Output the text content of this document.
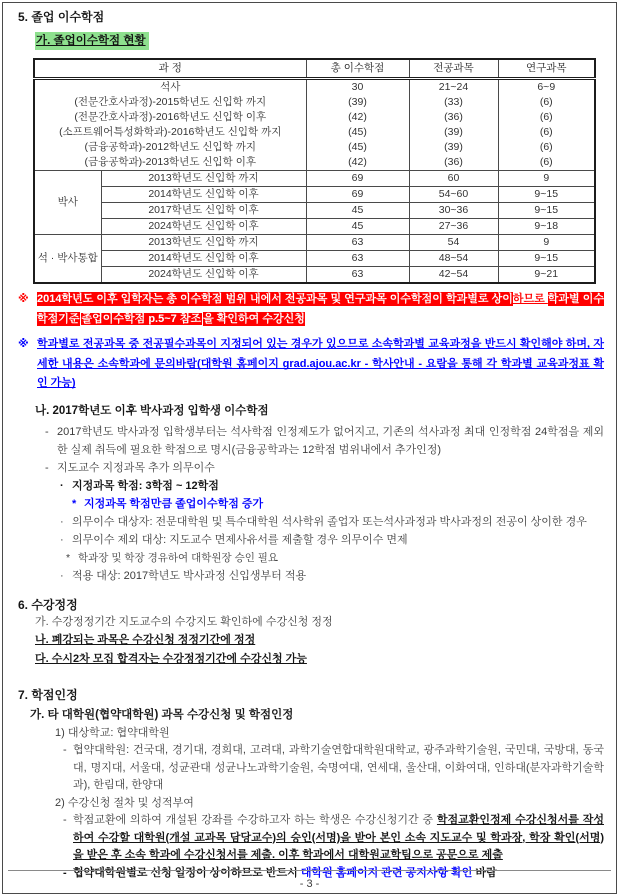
5. 졸업 이수학점
가. 졸업이수학점 현황
과 정		총 이수학점	전공과목	연구과목
석사		30	21~24	6~9
(전문간호사과정)-2015학년도 신입학 까지		(39)	(33)	(6)
(전문간호사과정)-2016학년도 신입학 이후		(42)	(36)	(6)
(소프트웨어특성화학과)-2016학년도 신입학 까지		(45)	(39)	(6)
(금융공학과)-2012학년도 신입학 까지		(45)	(39)	(6)
(금융공학과)-2013학년도 신입학 이후		(42)	(36)	(6)
박사	2013학년도 신입학 까지	69	60	9
	2014학년도 신입학 이후	69	54~60	9~15
	2017학년도 신입학 이후	45	30~36	9~15
	2024학년도 신입학 이후	45	27~36	9~18
석 · 박사통합	2013학년도 신입학 까지	63	54	9
	2014학년도 신입학 이후	63	48~54	9~15
	2024학년도 신입학 이후	63	42~54	9~21
※ 2014학년도 이후 입학자는 총 이수학점 범위 내에서 전공과목 및 연구과목 이수학점이 학과별로 상이하므로 학과별 이수학점기준 졸업이수학점 p.5~7 참조 을 확인하여 수강신청
※ 학과별로 전공과목 중 전공필수과목이 지정되어 있는 경우가 있으므로 소속학과별 교육과정을 반드시 확인해야 하며, 자세한 내용은 소속학과에 문의바람(대학원 홈페이지 grad.ajou.ac.kr - 학사안내 - 요람을 통해 각 학과별 교육과정표 확인 가능)
나. 2017학년도 이후 박사과정 입학생 이수학점
- 2017학년도 박사과정 입학생부터는 석사학점 인정제도가 없어지고, 기존의 석사과정 최대 인정학점 24학점을 제외한 실제 취득에 필요한 학점으로 명시(금융공학과는 12학점 범위내에서 추가인정)
- 지도교수 지정과목 추가 의무이수
· 지정과목 학점: 3학점 ~ 12학점
* 지정과목 학점만큼 졸업이수학점 증가
· 의무이수 대상자: 전문대학원 및 특수대학원 석사학위 졸업자 또는석사과정과 박사과정의 전공이 상이한 경우
· 의무이수 제외 대상: 지도교수 면제사유서를 제출할 경우 의무이수 면제
* 학과장 및 학장 경유하여 대학원장 승인 필요
· 적용 대상: 2017학년도 박사과정 신입생부터 적용
6. 수강정정
가. 수강정정기간 지도교수의 수강지도 확인하에 수강신청 정정
나. 폐강되는 과목은 수강신청 정정기간에 정정
다. 수시2차 모집 합격자는 수강정정기간에 수강신청 가능
7. 학점인정
가. 타 대학원(협약대학원) 과목 수강신청 및 학점인정
1) 대상학교: 협약대학원
- 협약대학원: 건국대, 경기대, 경희대, 고려대, 과학기술연합대학원대학교, 광주과학기술원, 국민대, 국방대, 동국대, 명지대, 서울대, 성균관대 성균나노과학기술원, 숙명여대, 연세대, 울산대, 이화여대, 인하대(분자과학기술학과), 한림대, 한양대
2) 수강신청 절차 및 성적부여
- 학점교환에 의하여 개설된 강좌를 수강하고자 하는 학생은 수강신청기간 중 학점교환인정제 수강신청서를 작성하여 수강할 대학원(개설 교과목 담당교수)의 승인(서명)을 받아 본인 소속 지도교수 및 학과장, 학장 확인(서명)을 받은 후 소속 학과에 수강신청서를 제출. 이후 학과에서 대학원교학팀으로 공문으로 제출
- 협약대학원별로 신청 일정이 상이하므로 반드시 대학원 홈페이지 관련 공지사항 확인 바람
- 3 -
